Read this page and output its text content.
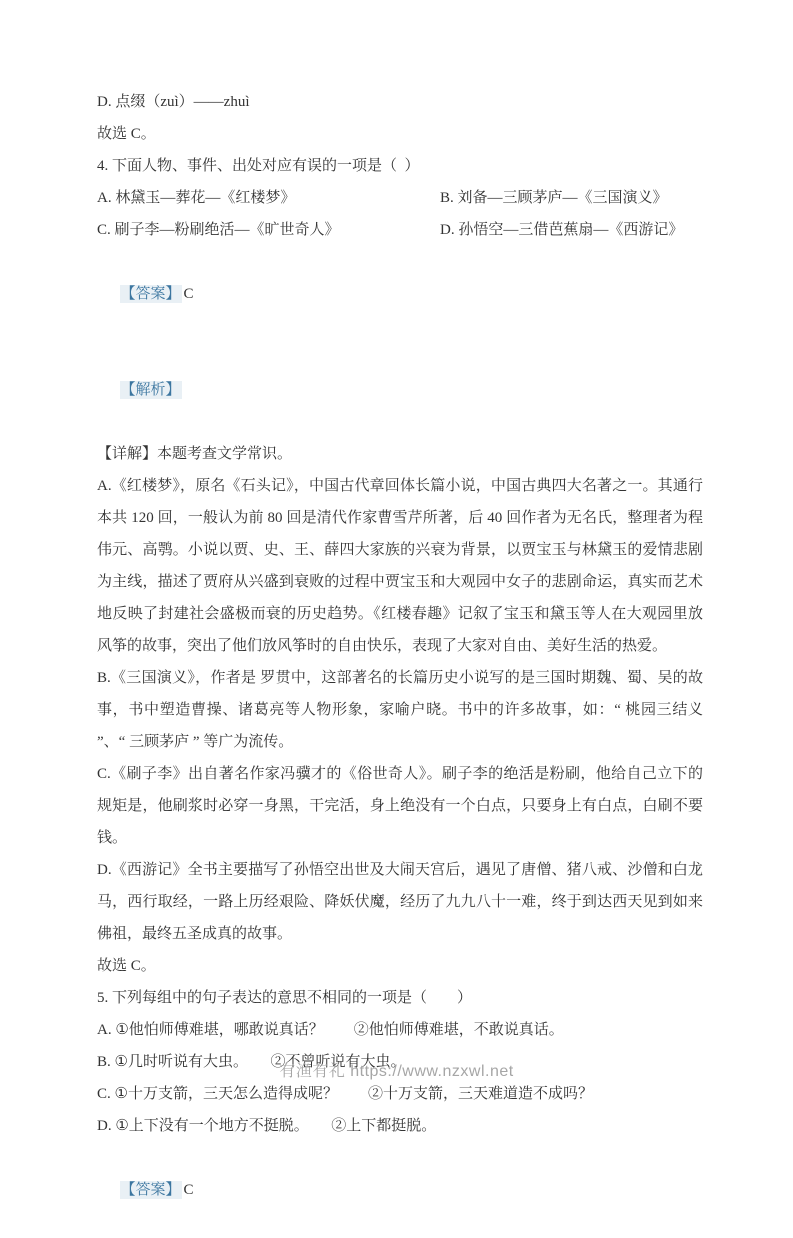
D. 点缀（zuì）——zhuì
故选 C。
4. 下面人物、事件、出处对应有误的一项是（  ）
A. 林黛玉—葬花—《红楼梦》	B. 刘备—三顾茅庐—《三国演义》
C. 刷子李—粉刷绝活—《旷世奇人》	D. 孙悟空—三借芭蕉扇—《西游记》

【答案】 C

【解析】

【详解】本题考查文学常识。
A.《红楼梦》，原名《石头记》，中国古代章回体长篇小说，中国古典四大名著之一。其通行本共 120 回，一般认为前 80 回是清代作家曹雪芹所著，后 40 回作者为无名氏，整理者为程伟元、高鹗。小说以贾、史、王、薛四大家族的兴衰为背景，以贾宝玉与林黛玉的爱情悲剧为主线，描述了贾府从兴盛到衰败的过程中贾宝玉和大观园中女子的悲剧命运，真实而艺术地反映了封建社会盛极而衰的历史趋势。《红楼春趣》记叙了宝玉和黛玉等人在大观园里放风筝的故事，突出了他们放风筝时的自由快乐，表现了大家对自由、美好生活的热爱。
B.《三国演义》，作者是 罗贯中，这部著名的长篇历史小说写的是三国时期魏、蜀、吴的故事，书中塑造曹操、诸葛亮等人物形象，家喻户晓。书中的许多故事，如：“ 桃园三结义 ”、“ 三顾茅庐 ” 等广为流传。
C.《刷子李》出自著名作家冯骥才的《俗世奇人》。刷子李的绝活是粉刷，他给自己立下的规矩是，他刷浆时必穿一身黑，干完活，身上绝没有一个白点，只要身上有白点，白刷不要钱。
D.《西游记》全书主要描写了孙悟空出世及大闹天宫后，遇见了唐僧、猪八戒、沙僧和白龙马，西行取经，一路上历经艰险、降妖伏魔，经历了九九八十一难，终于到达西天见到如来佛祖，最终五圣成真的故事。
故选 C。
5. 下列每组中的句子表达的意思不相同的一项是（　　）
A. ①他怕师傅难堪，哪敢说真话？　　②他怕师傅难堪，不敢说真话。
B. ①几时听说有大虫。　　②不曾听说有大虫。
C. ①十万支箭，三天怎么造得成呢？　　②十万支箭，三天难道造不成吗？
D. ①上下没有一个地方不挺脱。　　②上下都挺脱。

【答案】 C

有渔有礼 https://www.nzxwl.net
